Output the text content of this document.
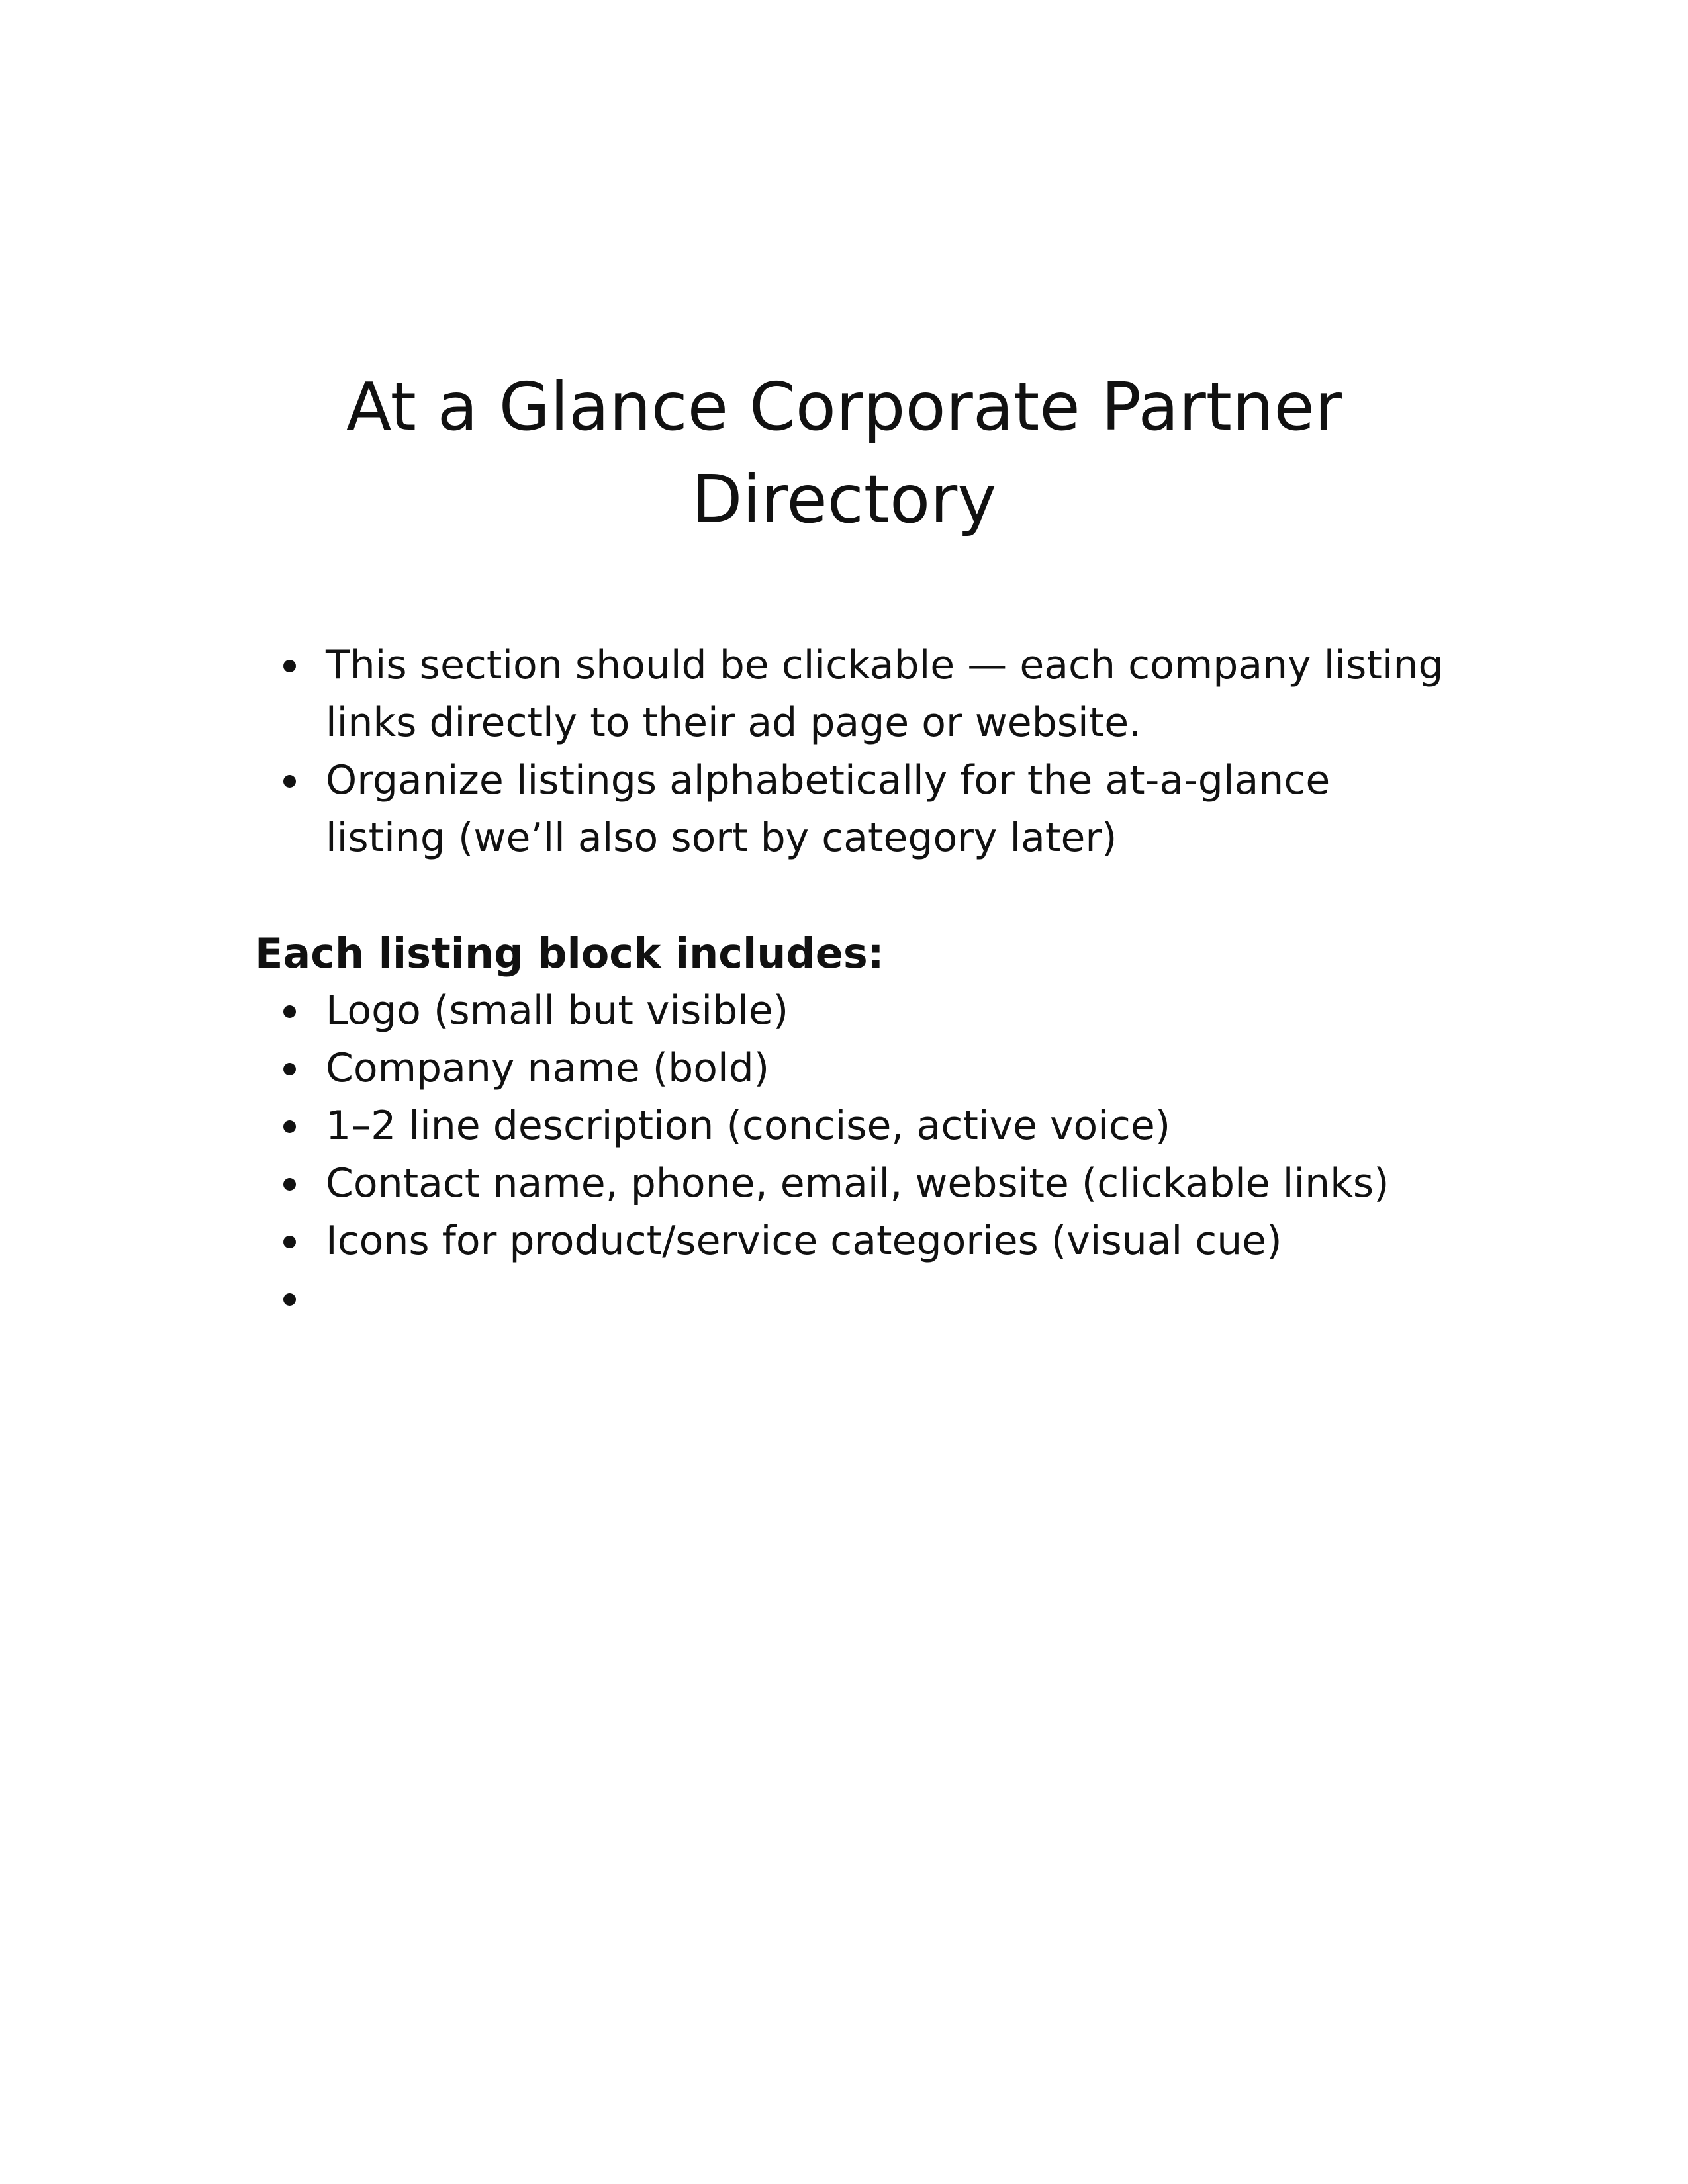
At a Glance Corporate Partner Directory
This section should be clickable — each company listing links directly to their ad page or website.
Organize listings alphabetically for the at-a-glance listing (we’ll also sort by category later)
Each listing block includes:
Logo (small but visible)
Company name (bold)
1–2 line description (concise, active voice)
Contact name, phone, email, website (clickable links)
Icons for product/service categories (visual cue)
